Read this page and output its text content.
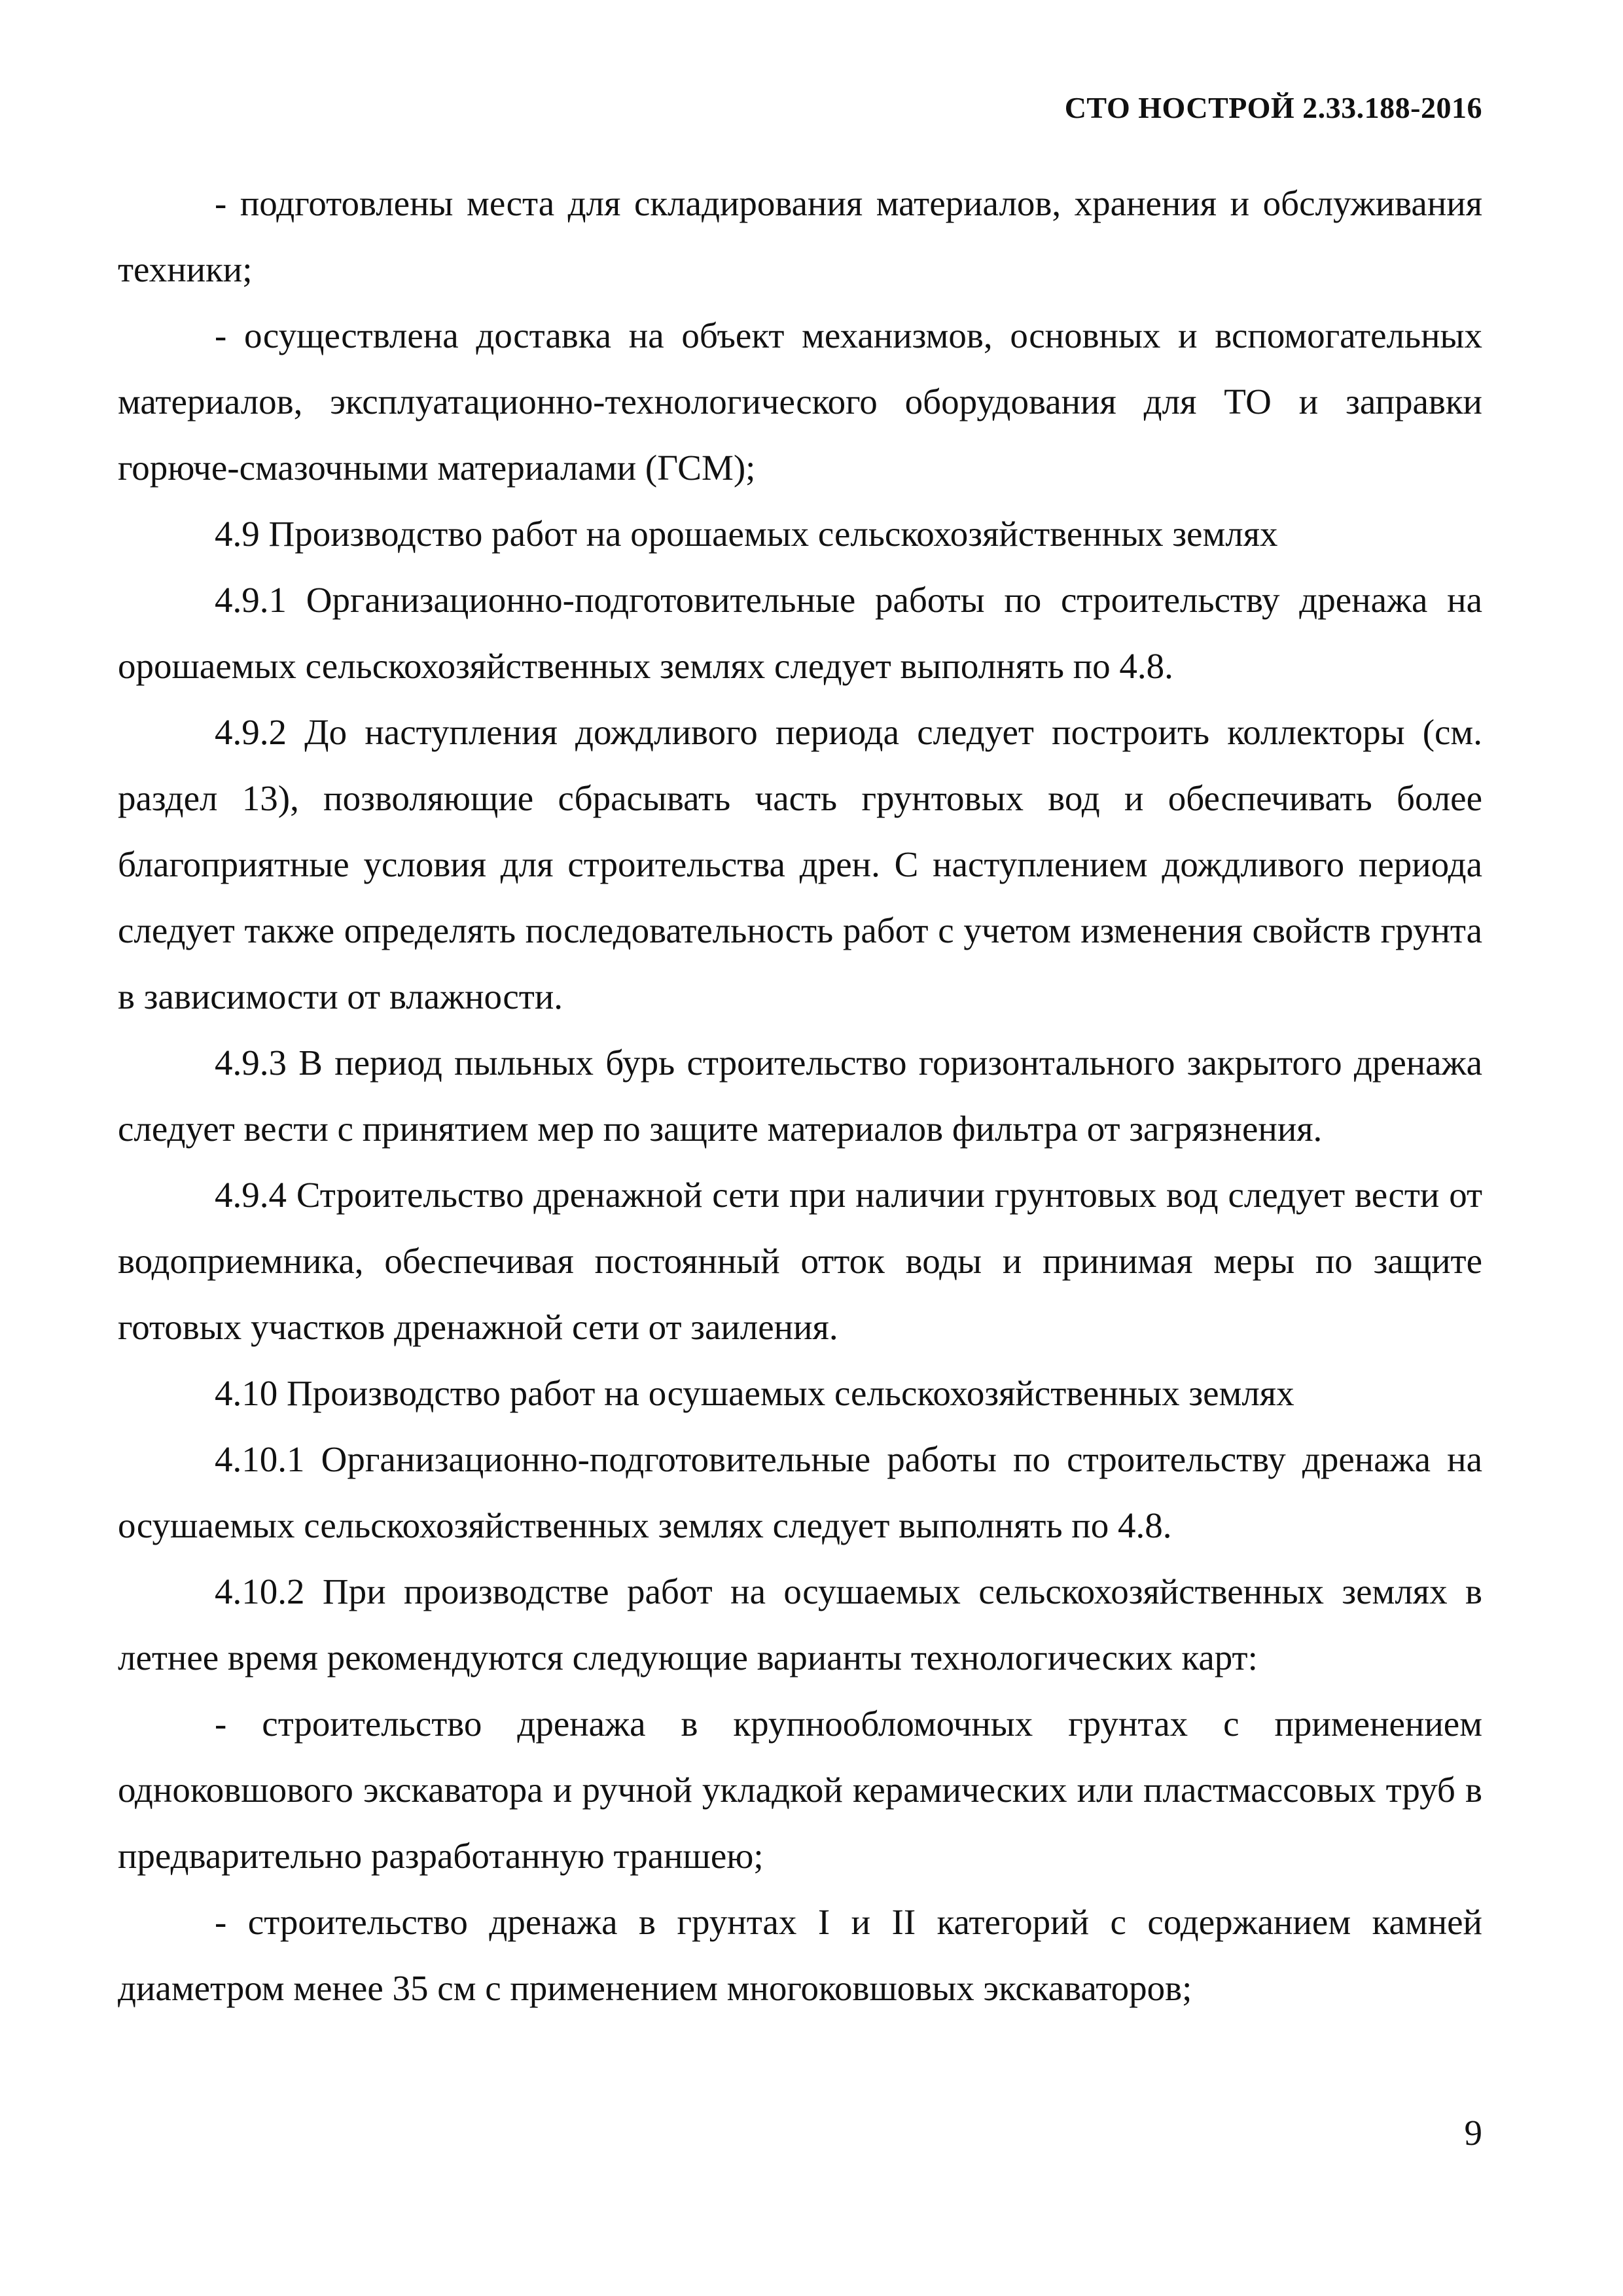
СТО НОСТРОЙ 2.33.188-2016

- подготовлены места для складирования материалов, хранения и обслуживания техники;

- осуществлена доставка на объект механизмов, основных и вспомогательных материалов, эксплуатационно-технологического оборудования для ТО и заправки горюче-смазочными материалами (ГСМ);

4.9 Производство работ на орошаемых сельскохозяйственных землях

4.9.1 Организационно-подготовительные работы по строительству дренажа на орошаемых сельскохозяйственных землях следует выполнять по 4.8.

4.9.2 До наступления дождливого периода следует построить коллекторы (см. раздел 13), позволяющие сбрасывать часть грунтовых вод и обеспечивать более благоприятные условия для строительства дрен. С наступлением дождливого периода следует также определять последовательность работ с учетом изменения свойств грунта в зависимости от влажности.

4.9.3 В период пыльных бурь строительство горизонтального закрытого дренажа следует вести с принятием мер по защите материалов фильтра от загрязнения.

4.9.4 Строительство дренажной сети при наличии грунтовых вод следует вести от водоприемника, обеспечивая постоянный отток воды и принимая меры по защите готовых участков дренажной сети от заиления.

4.10 Производство работ на осушаемых сельскохозяйственных землях

4.10.1 Организационно-подготовительные работы по строительству дренажа на осушаемых сельскохозяйственных землях следует выполнять по 4.8.

4.10.2 При производстве работ на осушаемых сельскохозяйственных землях в летнее время рекомендуются следующие варианты технологических карт:

- строительство дренажа в крупнообломочных грунтах с применением одноковшового экскаватора и ручной укладкой керамических или пластмассовых труб в предварительно разработанную траншею;

- строительство дренажа в грунтах I и II категорий с содержанием камней диаметром менее 35 см с применением многоковшовых экскаваторов;

9
